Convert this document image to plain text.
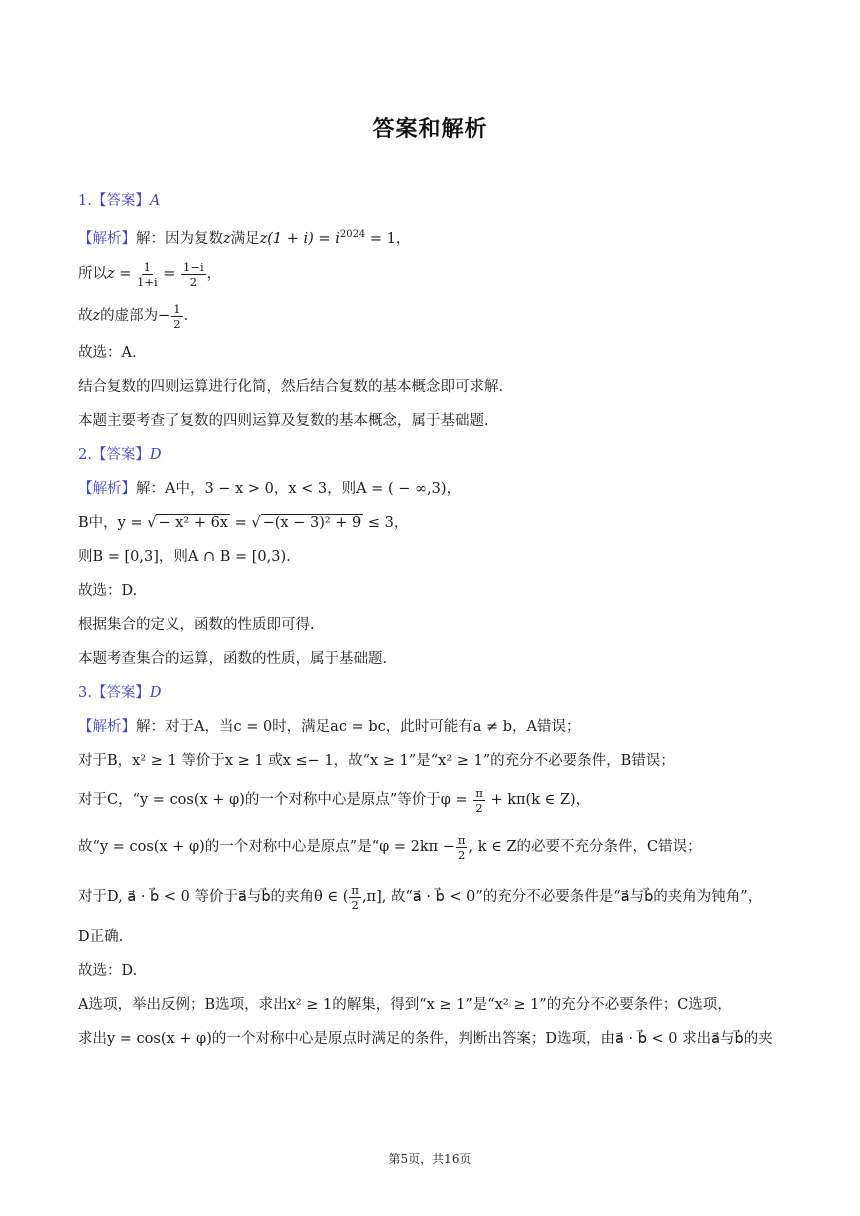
答案和解析
1.【答案】A
【解析】解：因为复数z满足$z(1 + i) = i^{2024} = 1$，
所以$z = \frac{1}{1+i} = \frac{1-i}{2}$ ，
故z的虚部为− $\frac{1}{2}$ .
故选：A.
结合复数的四则运算进行化简，然后结合复数的基本概念即可求解.
本题主要考查了复数的四则运算及复数的基本概念，属于基础题.
2.【答案】D
【解析】解：A中，3 − x > 0，x < 3，则A = ( − ∞,3)，
B中，y = √ − x² + 6x = √ −(x − 3)² + 9 ≤ 3，
则B = [0,3]，则A ∩ B = [0,3).
故选：D.
根据集合的定义，函数的性质即可得.
本题考查集合的运算，函数的性质，属于基础题.
3.【答案】D
【解析】解：对于A，当c = 0时，满足ac = bc，此时可能有a ≠ b，A错误；
对于B，x² ≥ 1 等价于x ≥ 1 或x ≤− 1，故“x ≥ 1”是“x² ≥ 1”的充分不必要条件，B错误；
对于C，“y = cos(x + φ)的一个对称中心是原点”等价于$\varphi = \frac{\pi}{2} + k\pi(k$ ∈ Z)，
故“y = cos(x + φ)的一个对称中心是原点”是“$\varphi = 2k\pi - \frac{\pi}{2}$ , k ∈ Z的必要不充分条件，C错误；
对于D, a⃗ · b⃗ < 0 等价于a⃗与b⃗的夹角θ ∈ ( $\frac{\pi}{2} ,\pi$], 故“a⃗ · b⃗ < 0”的充分不必要条件是“a⃗与b⃗的夹角为钝角”，
D正确.
故选：D.
A选项，举出反例；B选项，求出x² ≥ 1的解集，得到“x ≥ 1”是“x² ≥ 1”的充分不必要条件；C选项，
求出y = cos(x + φ)的一个对称中心是原点时满足的条件，判断出答案；D选项，由a⃗ · b⃗ < 0 求出a⃗与b⃗的夹
第5页，共16页
